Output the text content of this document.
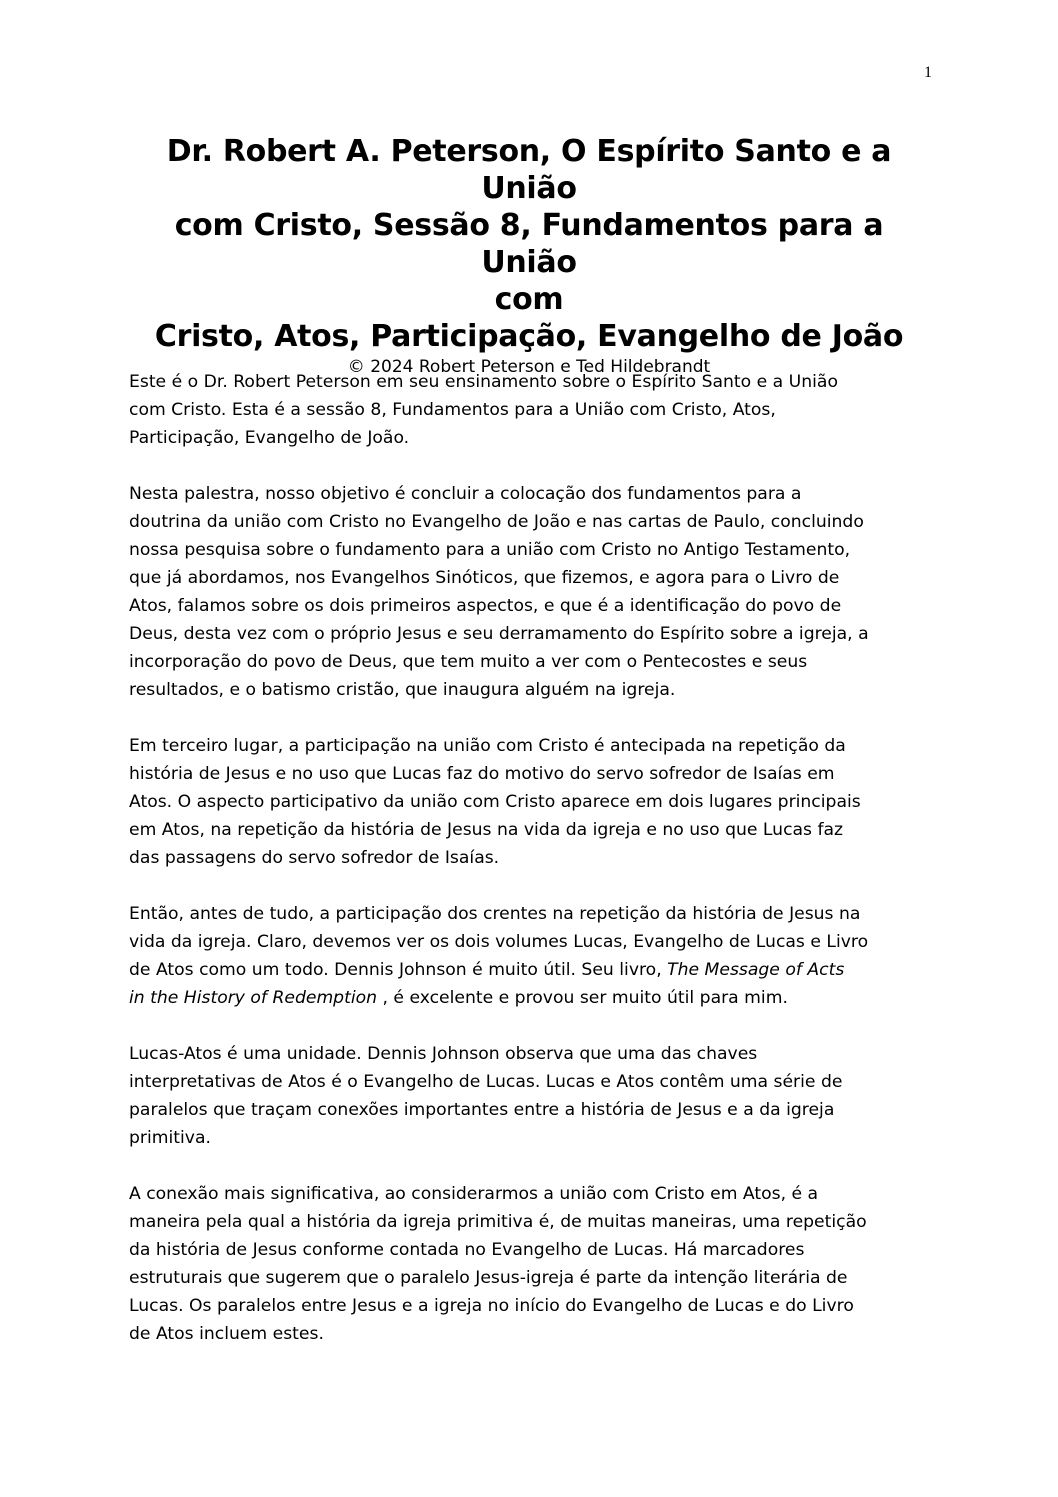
1
Dr. Robert A. Peterson, O Espírito Santo e a União
com Cristo, Sessão 8, Fundamentos para a União
com
Cristo, Atos, Participação, Evangelho de João
© 2024 Robert Peterson e Ted Hildebrandt

Este é o Dr. Robert Peterson em seu ensinamento sobre o Espírito Santo e a União
com Cristo. Esta é a sessão 8, Fundamentos para a União com Cristo, Atos,
Participação, Evangelho de João.

Nesta palestra, nosso objetivo é concluir a colocação dos fundamentos para a
doutrina da união com Cristo no Evangelho de João e nas cartas de Paulo, concluindo
nossa pesquisa sobre o fundamento para a união com Cristo no Antigo Testamento,
que já abordamos, nos Evangelhos Sinóticos, que fizemos, e agora para o Livro de
Atos, falamos sobre os dois primeiros aspectos, e que é a identificação do povo de
Deus, desta vez com o próprio Jesus e seu derramamento do Espírito sobre a igreja, a
incorporação do povo de Deus, que tem muito a ver com o Pentecostes e seus
resultados, e o batismo cristão, que inaugura alguém na igreja.

Em terceiro lugar, a participação na união com Cristo é antecipada na repetição da
história de Jesus e no uso que Lucas faz do motivo do servo sofredor de Isaías em
Atos. O aspecto participativo da união com Cristo aparece em dois lugares principais
em Atos, na repetição da história de Jesus na vida da igreja e no uso que Lucas faz
das passagens do servo sofredor de Isaías.

Então, antes de tudo, a participação dos crentes na repetição da história de Jesus na
vida da igreja. Claro, devemos ver os dois volumes Lucas, Evangelho de Lucas e Livro
de Atos como um todo. Dennis Johnson é muito útil. Seu livro, The Message of Acts
in the History of Redemption , é excelente e provou ser muito útil para mim.

Lucas-Atos é uma unidade. Dennis Johnson observa que uma das chaves
interpretativas de Atos é o Evangelho de Lucas. Lucas e Atos contêm uma série de
paralelos que traçam conexões importantes entre a história de Jesus e a da igreja
primitiva.

A conexão mais significativa, ao considerarmos a união com Cristo em Atos, é a
maneira pela qual a história da igreja primitiva é, de muitas maneiras, uma repetição
da história de Jesus conforme contada no Evangelho de Lucas. Há marcadores
estruturais que sugerem que o paralelo Jesus-igreja é parte da intenção literária de
Lucas. Os paralelos entre Jesus e a igreja no início do Evangelho de Lucas e do Livro
de Atos incluem estes.
